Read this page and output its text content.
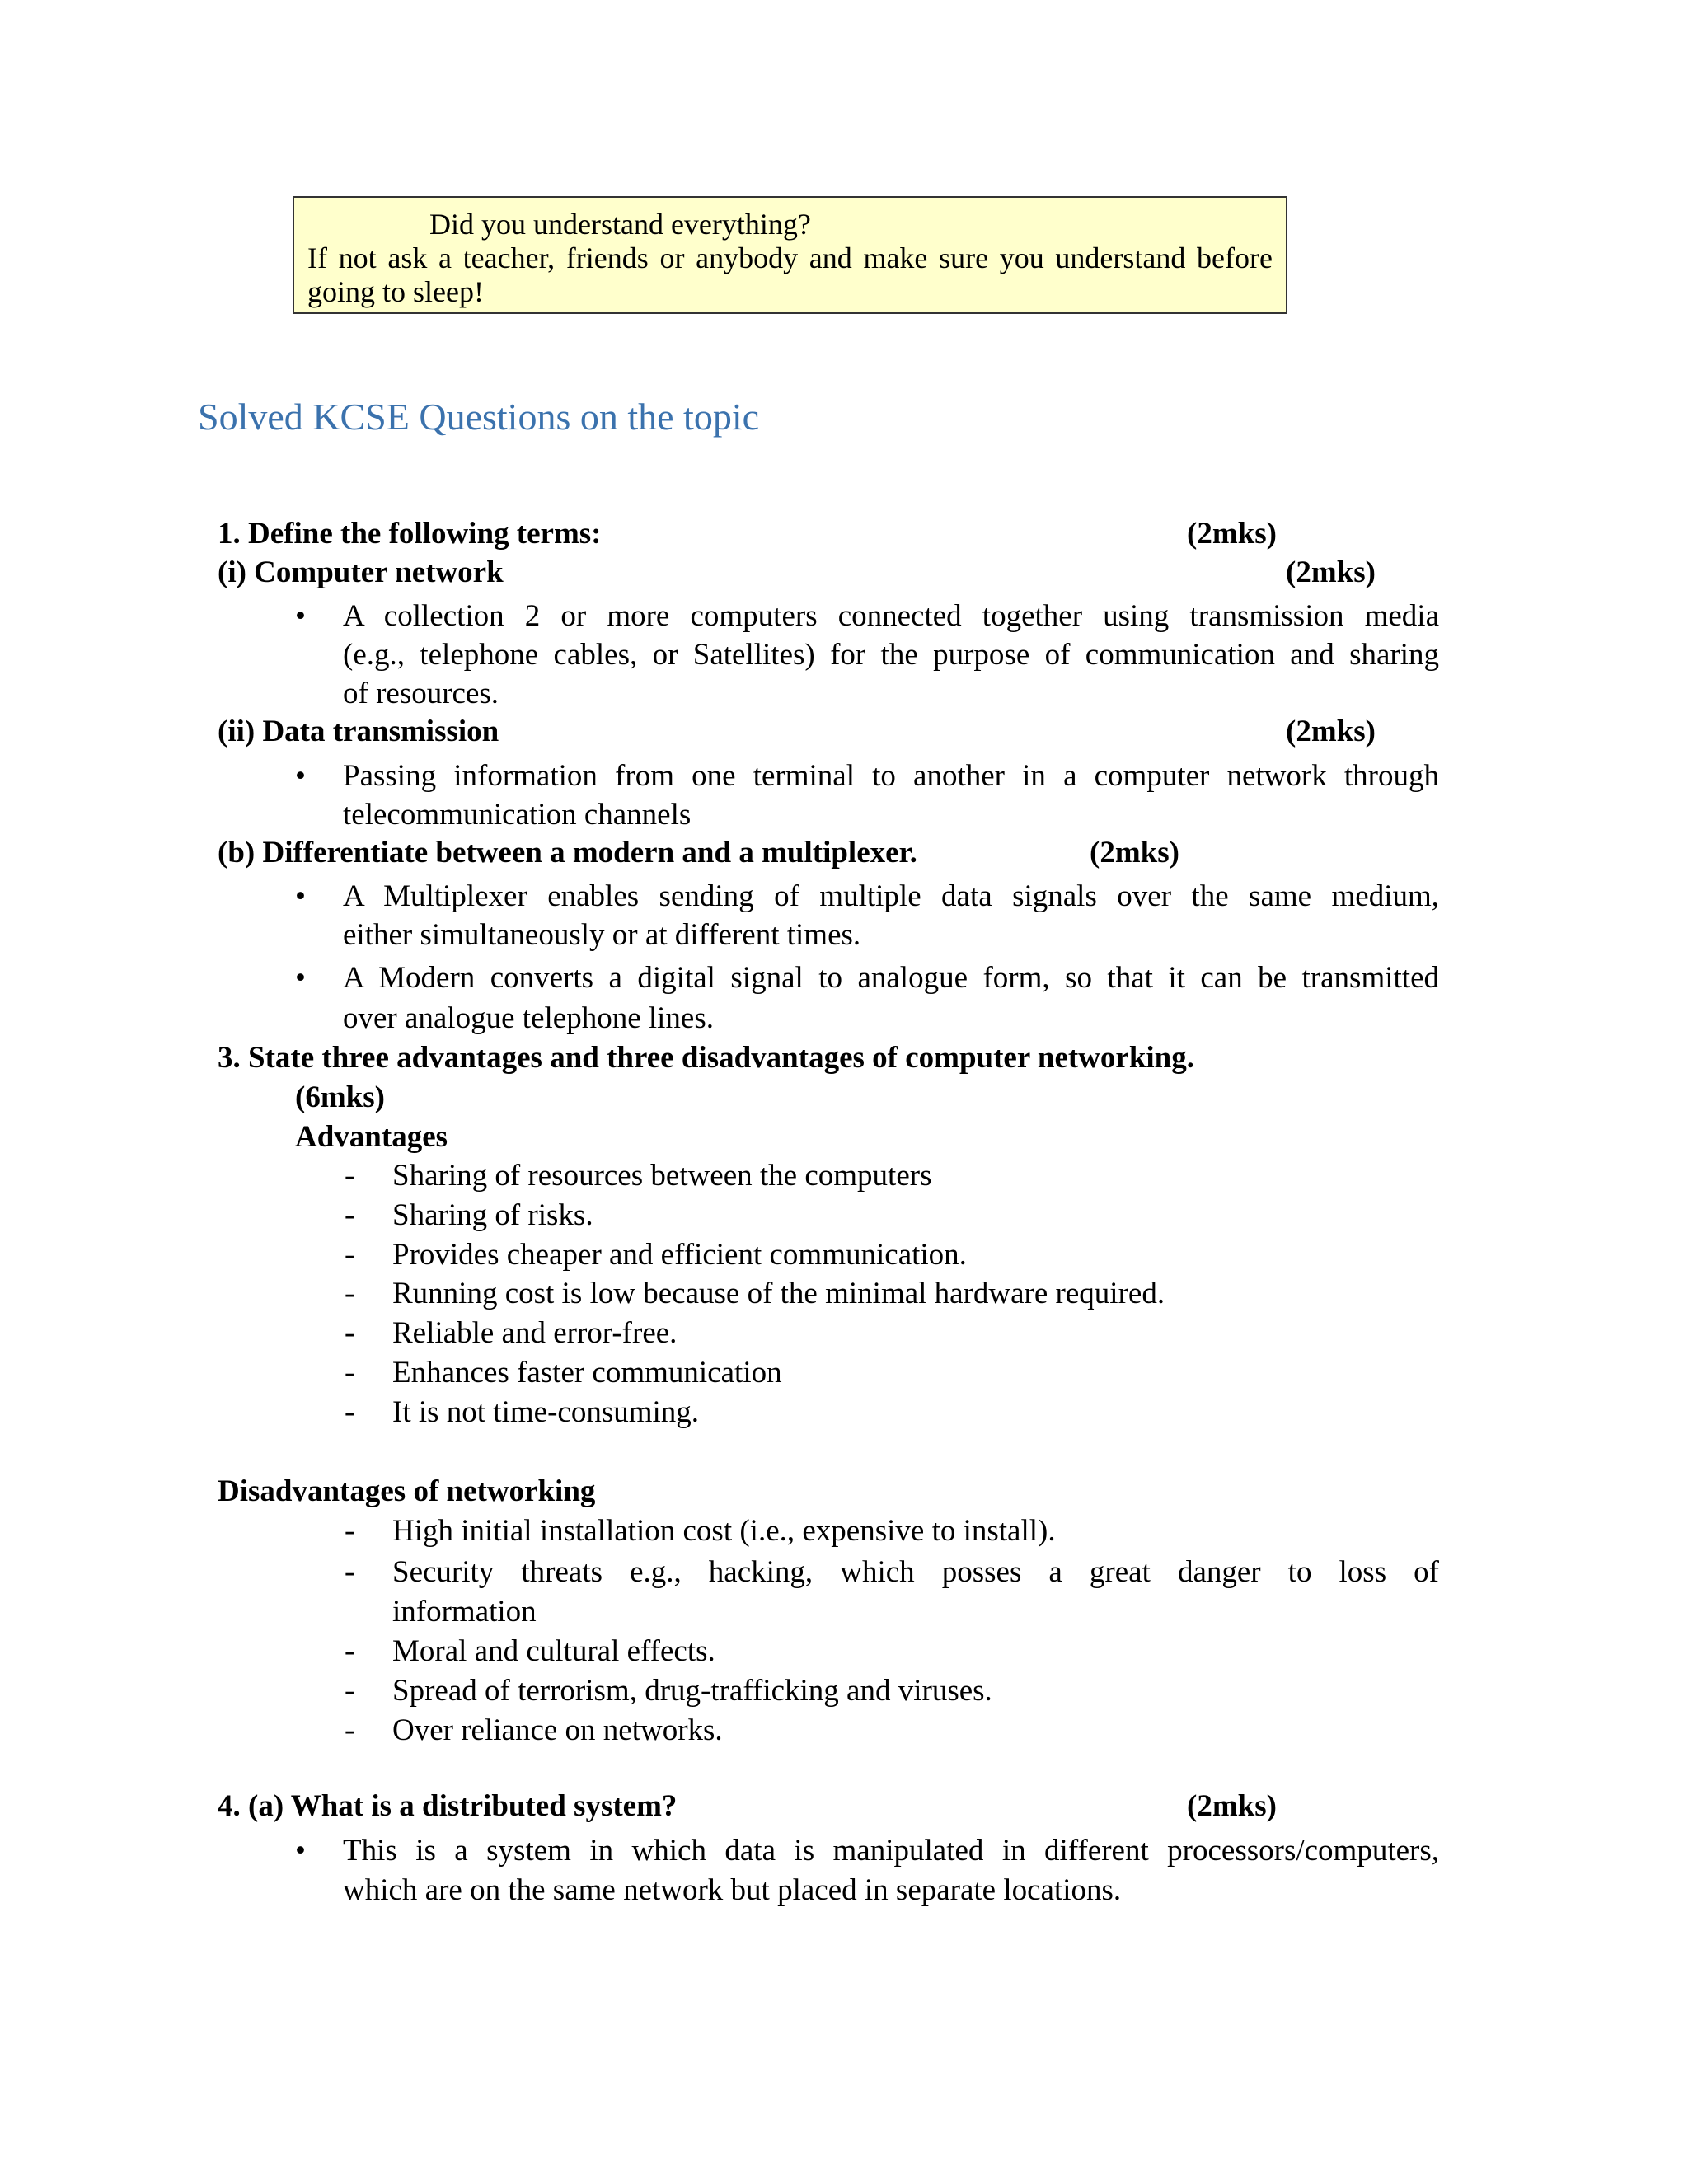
Did you understand everything?
If not ask a teacher, friends or anybody and make sure you understand before
going to sleep!
Solved KCSE Questions on the topic
1. Define the following terms:	(2mks)
(i) Computer network	(2mks)
• A collection 2 or more computers connected together using transmission media
(e.g., telephone cables, or Satellites) for the purpose of communication and sharing
of resources.
(ii) Data transmission	(2mks)
• Passing information from one terminal to another in a computer network through
telecommunication channels
(b) Differentiate between a modern and a multiplexer.	(2mks)
• A Multiplexer enables sending of multiple data signals over the same medium,
either simultaneously or at different times.
• A Modern converts a digital signal to analogue form, so that it can be transmitted
over analogue telephone lines.
3. State three advantages and three disadvantages of computer networking.
(6mks)
Advantages
- Sharing of resources between the computers
- Sharing of risks.
- Provides cheaper and efficient communication.
- Running cost is low because of the minimal hardware required.
- Reliable and error-free.
- Enhances faster communication
- It is not time-consuming.
Disadvantages of networking
- High initial installation cost (i.e., expensive to install).
- Security threats e.g., hacking, which posses a great danger to loss of
information
- Moral and cultural effects.
- Spread of terrorism, drug-trafficking and viruses.
- Over reliance on networks.
4. (a) What is a distributed system?	(2mks)
• This is a system in which data is manipulated in different processors/computers,
which are on the same network but placed in separate locations.
